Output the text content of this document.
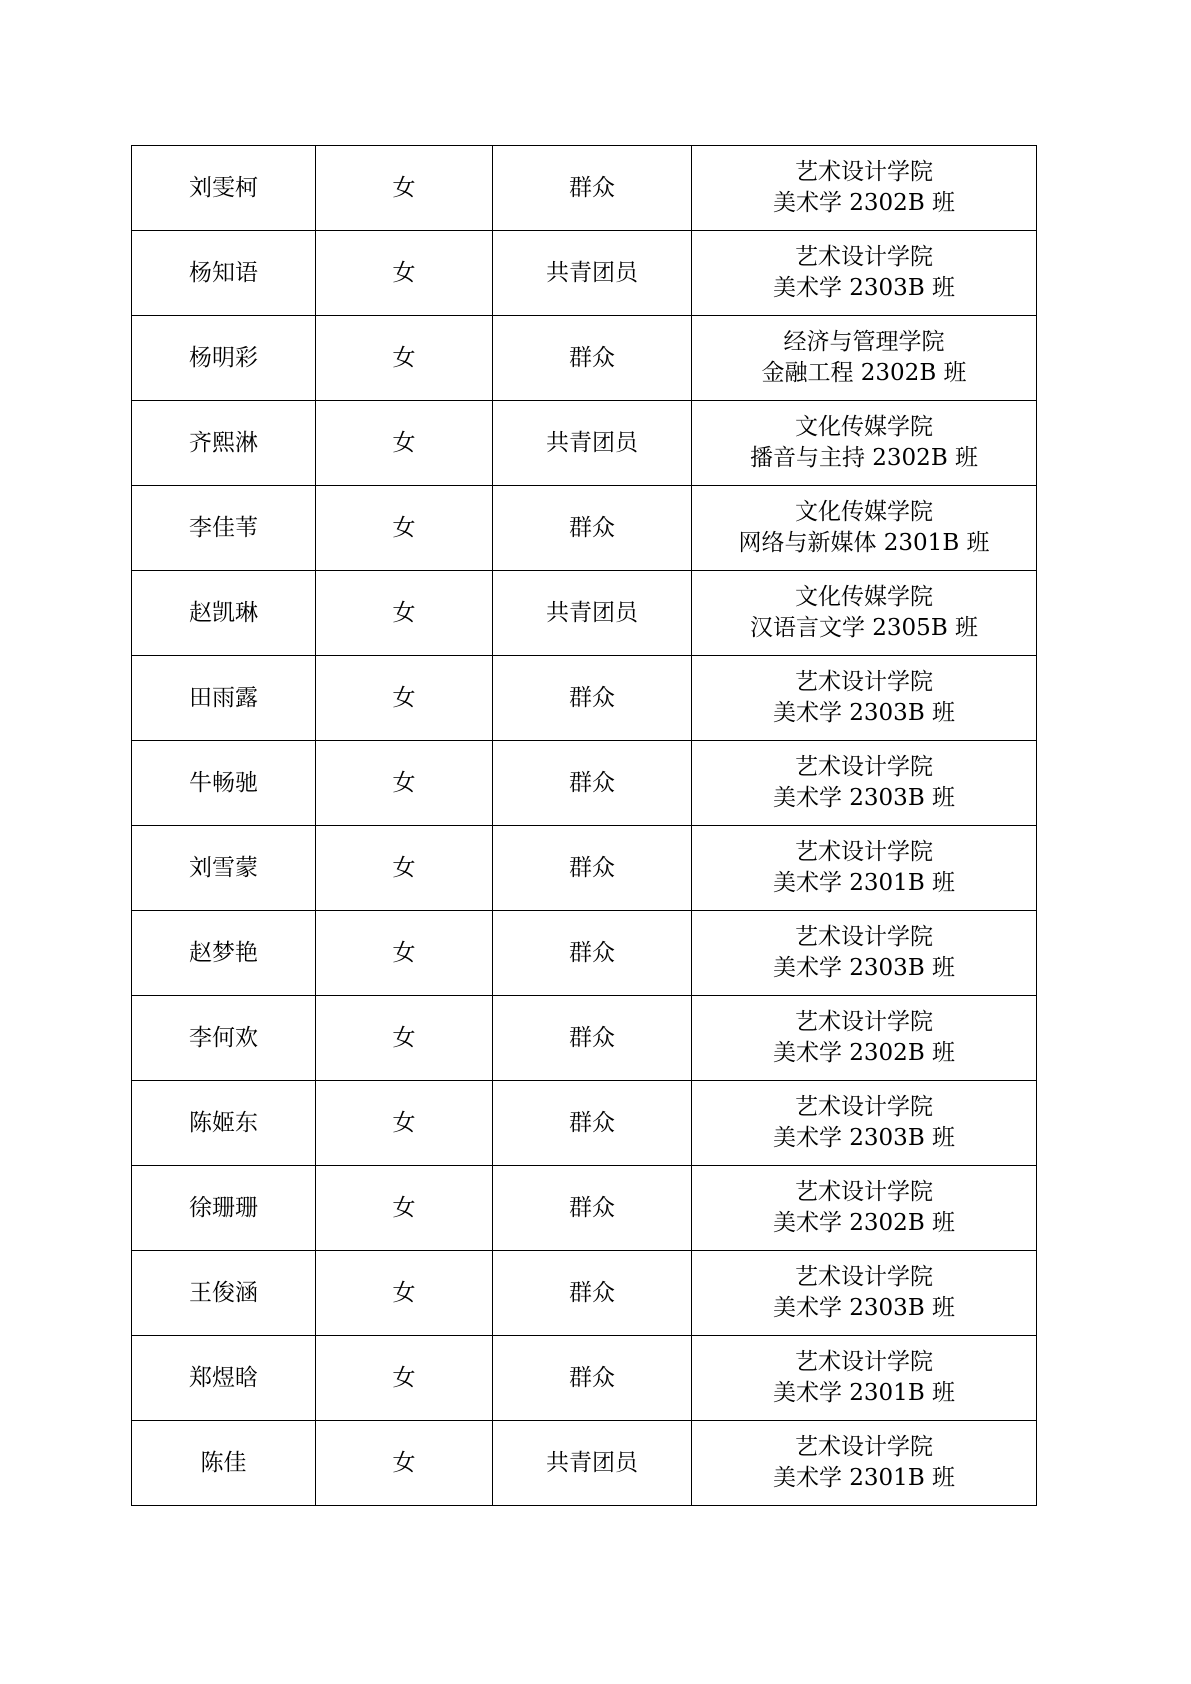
刘雯柯	女	群众	艺术设计学院
美术学 2302B 班

杨知语	女	共青团员	艺术设计学院
美术学 2303B 班

杨明彩	女	群众	经济与管理学院
金融工程 2302B 班

齐熙淋	女	共青团员	文化传媒学院
播音与主持 2302B 班

李佳苇	女	群众	文化传媒学院
网络与新媒体 2301B 班

赵凯琳	女	共青团员	文化传媒学院
汉语言文学 2305B 班

田雨露	女	群众	艺术设计学院
美术学 2303B 班

牛畅驰	女	群众	艺术设计学院
美术学 2303B 班

刘雪蒙	女	群众	艺术设计学院
美术学 2301B 班

赵梦艳	女	群众	艺术设计学院
美术学 2303B 班

李何欢	女	群众	艺术设计学院
美术学 2302B 班

陈姬东	女	群众	艺术设计学院
美术学 2303B 班

徐珊珊	女	群众	艺术设计学院
美术学 2302B 班

王俊涵	女	群众	艺术设计学院
美术学 2303B 班

郑煜晗	女	群众	艺术设计学院
美术学 2301B 班

陈佳	女	共青团员	艺术设计学院
美术学 2301B 班
